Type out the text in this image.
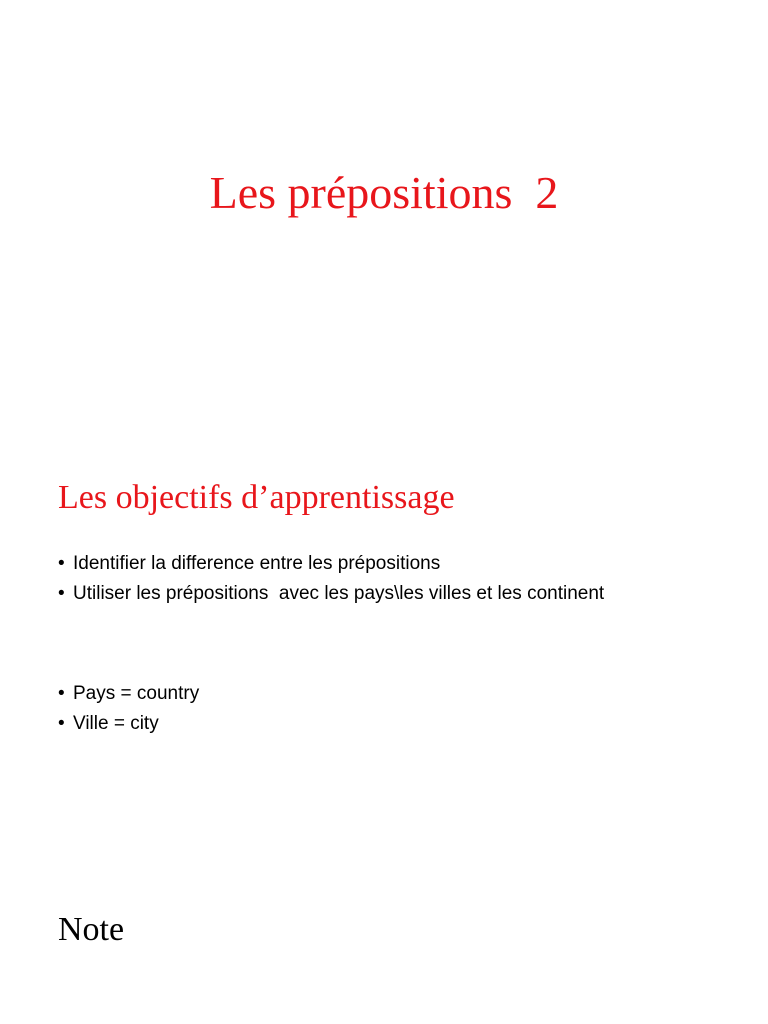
Les prépositions  2
Les objectifs d’apprentissage
• Identifier la difference entre les prépositions
• Utiliser les prépositions  avec les pays\les villes et les continent
• Pays = country
• Ville = city
Note
